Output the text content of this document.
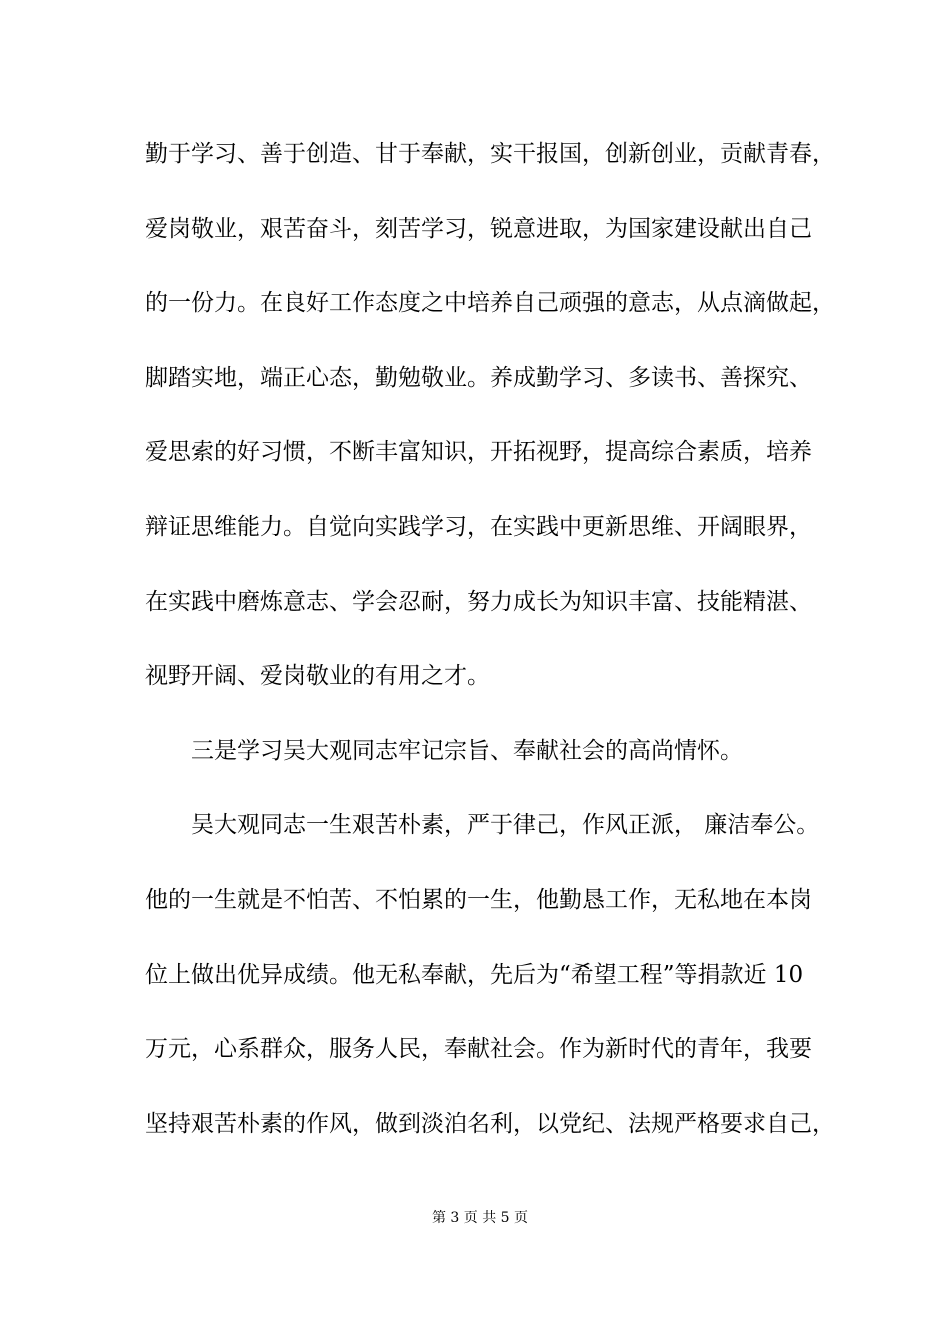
勤于学习、善于创造、甘于奉献，实干报国，创新创业，贡献青春，
爱岗敬业，艰苦奋斗，刻苦学习，锐意进取，为国家建设献出自己
的一份力。在良好工作态度之中培养自己顽强的意志，从点滴做起，
脚踏实地，端正心态，勤勉敬业。养成勤学习、多读书、善探究、
爱思索的好习惯，不断丰富知识，开拓视野，提高综合素质，培养
辩证思维能力。自觉向实践学习，在实践中更新思维、开阔眼界，
在实践中磨炼意志、学会忍耐，努力成长为知识丰富、技能精湛、
视野开阔、爱岗敬业的有用之才。
三是学习吴大观同志牢记宗旨、奉献社会的高尚情怀。
吴大观同志一生艰苦朴素，严于律己，作风正派， 廉洁奉公。
他的一生就是不怕苦、不怕累的一生，他勤恳工作，无私地在本岗
位上做出优异成绩。他无私奉献，先后为“希望工程”等捐款近 10
万元，心系群众，服务人民，奉献社会。作为新时代的青年，我要
坚持艰苦朴素的作风，做到淡泊名利，以党纪、法规严格要求自己，
第 3 页 共 5 页
